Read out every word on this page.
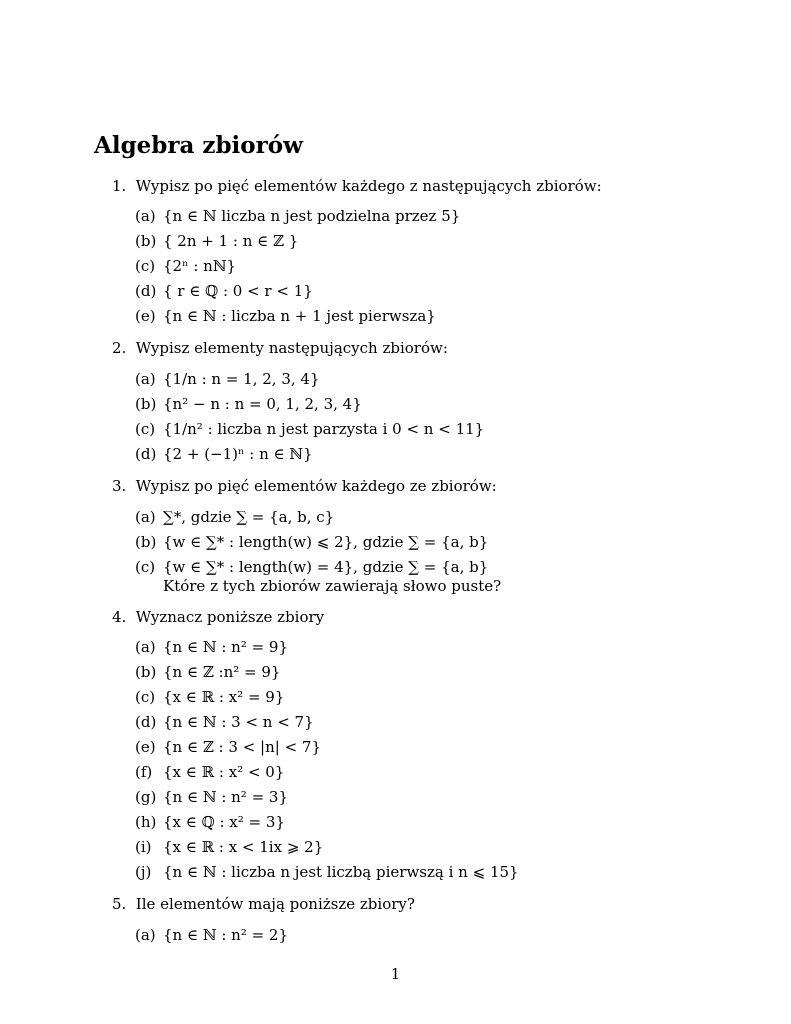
Algebra zbiorów
1. Wypisz po pięć elementów każdego z następujących zbiorów:
(a) {n ∈ ℕ liczba n jest podzielna przez 5}
(b) { 2n + 1 : n ∈ ℤ }
(c) {2ⁿ : nℕ}
(d) { r ∈ ℚ : 0 < r < 1}
(e) {n ∈ ℕ : liczba n + 1 jest pierwsza}
2. Wypisz elementy następujących zbiorów:
(a) {1/n : n = 1, 2, 3, 4}
(b) {n² − n : n = 0, 1, 2, 3, 4}
(c) {1/n² : liczba n jest parzysta i 0 < n < 11}
(d) {2 + (−1)ⁿ : n ∈ ℕ}
3. Wypisz po pięć elementów każdego ze zbiorów:
(a) ∑*, gdzie ∑ = {a, b, c}
(b) {w ∈ ∑* : length(w) ⩽ 2}, gdzie ∑ = {a, b}
(c) {w ∈ ∑* : length(w) = 4}, gdzie ∑ = {a, b}
Które z tych zbiorów zawierają słowo puste?
4. Wyznacz poniższe zbiory
(a) {n ∈ ℕ : n² = 9}
(b) {n ∈ ℤ :n² = 9}
(c) {x ∈ ℝ : x² = 9}
(d) {n ∈ ℕ : 3 < n < 7}
(e) {n ∈ ℤ : 3 < |n| < 7}
(f) {x ∈ ℝ : x² < 0}
(g) {n ∈ ℕ : n² = 3}
(h) {x ∈ ℚ : x² = 3}
(i) {x ∈ ℝ : x < 1ix ⩾ 2}
(j) {n ∈ ℕ : liczba n jest liczbą pierwszą i n ⩽ 15}
5. Ile elementów mają poniższe zbiory?
(a) {n ∈ ℕ : n² = 2}
1
